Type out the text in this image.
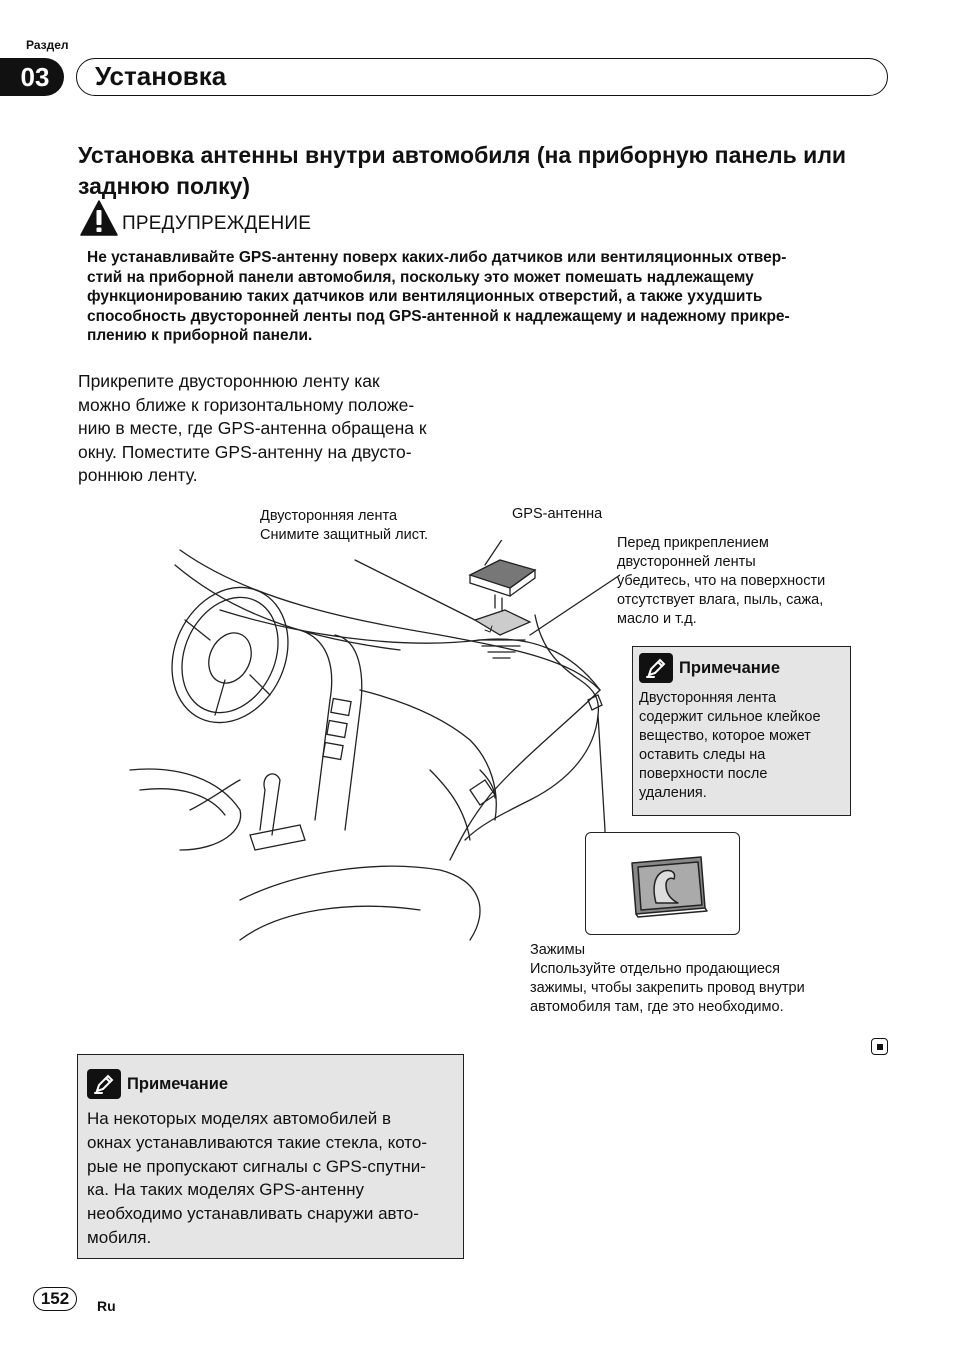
Раздел
03	Установка
Установка антенны внутри автомобиля (на приборную панель или заднюю полку)
ПРЕДУПРЕЖДЕНИЕ
Не устанавливайте GPS-антенну поверх каких-либо датчиков или вентиляционных отвер-
стий на приборной панели автомобиля, поскольку это может помешать надлежащему
функционированию таких датчиков или вентиляционных отверстий, а также ухудшить
способность двусторонней ленты под GPS-антенной к надлежащему и надежному прикре-
плению к приборной панели.
Прикрепите двустороннюю ленту как
можно ближе к горизонтальному положе-
нию в месте, где GPS-антенна обращена к
окну. Поместите GPS-антенну на двусто-
роннюю ленту.
Двусторонняя лента
Снимите защитный лист.
GPS-антенна
Перед прикреплением
двусторонней ленты
убедитесь, что на поверхности
отсутствует влага, пыль, сажа,
масло и т.д.
Примечание
Двусторонняя лента
содержит сильное клейкое
вещество, которое может
оставить следы на
поверхности после
удаления.
Зажимы
Используйте отдельно продающиеся
зажимы, чтобы закрепить провод внутри
автомобиля там, где это необходимо.
Примечание
На некоторых моделях автомобилей в
окнах устанавливаются такие стекла, кото-
рые не пропускают сигналы с GPS-спутни-
ка. На таких моделях GPS-антенну
необходимо устанавливать снаружи авто-
мобиля.
152	Ru
